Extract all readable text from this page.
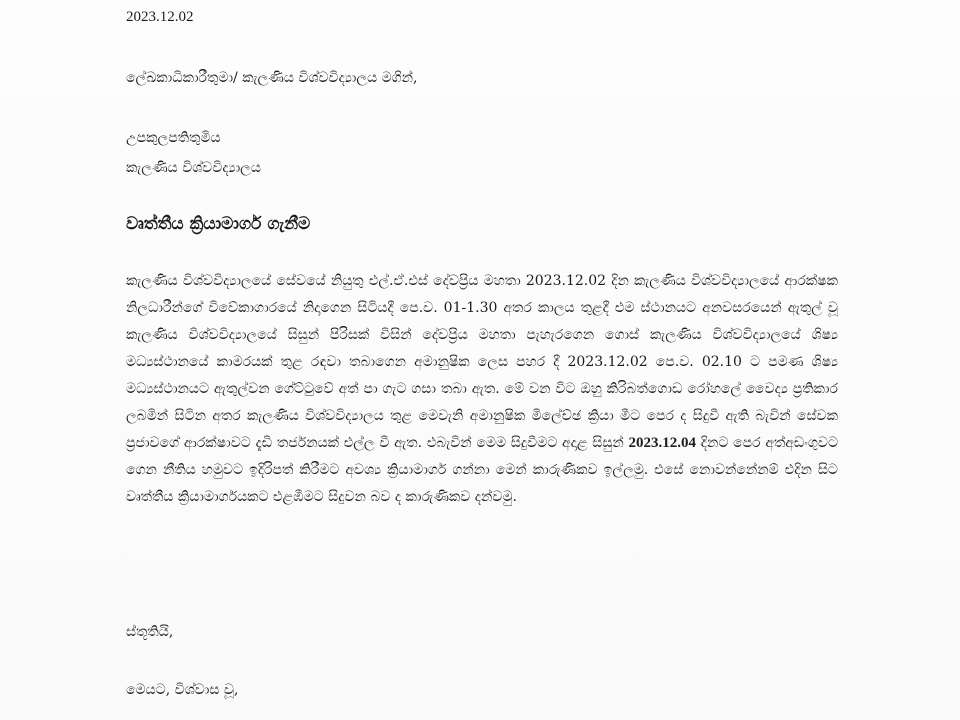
2023.12.02
ලේඛකාධිකාරීතුමා/ කැලණිය විශ්වවිද්‍යාලය මගින්,
උපකුලපතිතුමිය
කැලණිය විශ්වවිද්‍යාලය
වෘත්තීය ක්‍රියාමාර්ග ගැනීම
කැලණිය විශ්වවිද්‍යාලයේ සේවයේ නියුතු එල්.ඒ.එස් දේවප්‍රිය මහතා 2023.12.02 දින කැලණිය විශ්වවිද්‍යාලයේ ආරක්ෂක නිලධාරීන්ගේ විවේකාගාරයේ නිදාගෙන සිටියදී පෙ.ව. 01-1.30 අතර කාලය තුළදී එම ස්ථානයට අනවසරයෙන් ඇතුල් වූ කැලණිය විශ්වවිද්‍යාලයේ සිසුන් පිරිසක් විසින් දේවප්‍රිය මහතා පැහැරගෙන ගොස් කැලණිය විශ්වවිද්‍යාලයේ ශිෂ්‍ය මධ්‍යස්ථානයේ කාමරයක් තුළ රඳවා තබාගෙන අමානුෂික ලෙස පහර දී 2023.12.02 පෙ.ව. 02.10 ට පමණ ශිෂ්‍ය මධ්‍යස්ථානයට ඇතුල්වන ගේට්ටුවේ අත් පා ගැට ගසා තබා ඇත. මේ වන විට ඔහු කිරිබත්ගොඩ රෝහලේ වෛද්‍ය ප්‍රතිකාර ලබමින් සිටින අතර කැලණිය විශ්වවිද්‍යාලය තුළ මෙවැනි අමානුෂික මිලේච්ඡ ක්‍රියා මීට පෙර ද සිදුවී ඇති බැවින් සේවක ප්‍රජාවගේ ආරක්ෂාවට දැඩි තර්ජනයක් එල්ල වී ඇත. එබැවින් මෙම සිදුවීමට අදාළ සිසුන් 2023.12.04 දිනට පෙර අත්අඩංගුවට ගෙන නීතිය හමුවට ඉදිරිපත් කිරීමට අවශ්‍ය ක්‍රියාමාර්ග ගන්නා මෙන් කාරුණිකව ඉල්ලමු. එසේ නොවන්නේනම් එදින සිට වෘත්තීය ක්‍රියාමාර්ගයකට එළඹීමට සිදුවන බව ද කාරුණිකව දන්වමු.
ස්තූතියි,
මෙයට, විශ්වාස වූ,
